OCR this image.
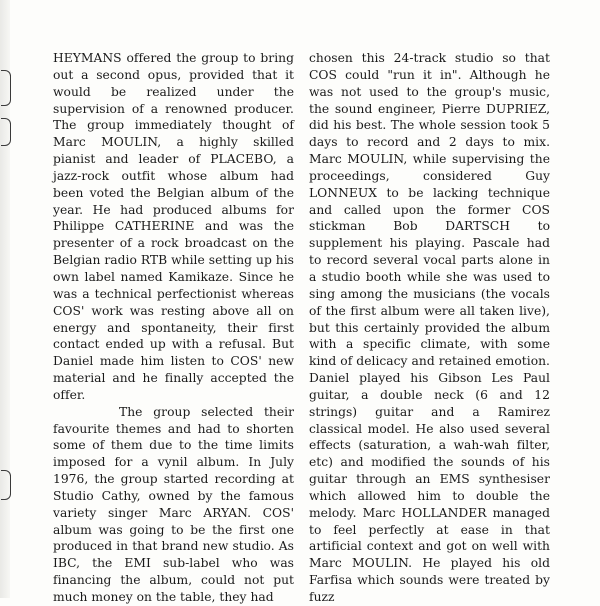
HEYMANS offered the group to bring out a second opus, provided that it would be realized under the supervision of a renowned producer. The group immediately thought of Marc MOULIN, a highly skilled pianist and leader of PLACEBO, a jazz-rock outfit whose album had been voted the Belgian album of the year. He had produced albums for Philippe CATHERINE and was the presenter of a rock broadcast on the Belgian radio RTB while setting up his own label named Kamikaze. Since he was a technical perfectionist whereas COS' work was resting above all on energy and spontaneity, their first contact ended up with a refusal. But Daniel made him listen to COS' new material and he finally accepted the offer.

The group selected their favourite themes and had to shorten some of them due to the time limits imposed for a vynil album. In July 1976, the group started recording at Studio Cathy, owned by the famous variety singer Marc ARYAN. COS' album was going to be the first one produced in that brand new studio. As IBC, the EMI sub-label who was financing the album, could not put much money on the table, they had

chosen this 24-track studio so that COS could "run it in". Although he was not used to the group's music, the sound engineer, Pierre DUPRIEZ, did his best. The whole session took 5 days to record and 2 days to mix. Marc MOULIN, while supervising the proceedings, considered Guy LONNEUX to be lacking technique and called upon the former COS stickman Bob DARTSCH to supplement his playing. Pascale had to record several vocal parts alone in a studio booth while she was used to sing among the musicians (the vocals of the first album were all taken live), but this certainly provided the album with a specific climate, with some kind of delicacy and retained emotion. Daniel played his Gibson Les Paul guitar, a double neck (6 and 12 strings) guitar and a Ramirez classical model. He also used several effects (saturation, a wah-wah filter, etc) and modified the sounds of his guitar through an EMS synthesiser which allowed him to double the melody. Marc HOLLANDER managed to feel perfectly at ease in that artificial context and got on well with Marc MOULIN. He played his old Farfisa which sounds were treated by fuzz
